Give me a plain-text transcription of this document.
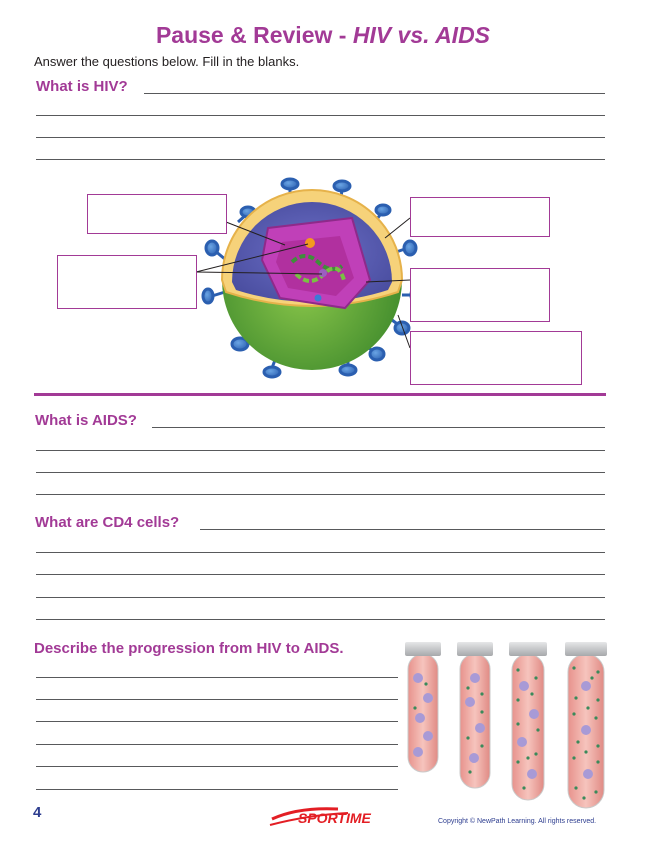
Pause & Review - HIV vs. AIDS
Answer the questions below. Fill in the blanks.
What is HIV?
What is AIDS?
What are CD4 cells?
Describe the progression from HIV to AIDS.
4	SPORTIME	Copyright © NewPath Learning. All rights reserved.
